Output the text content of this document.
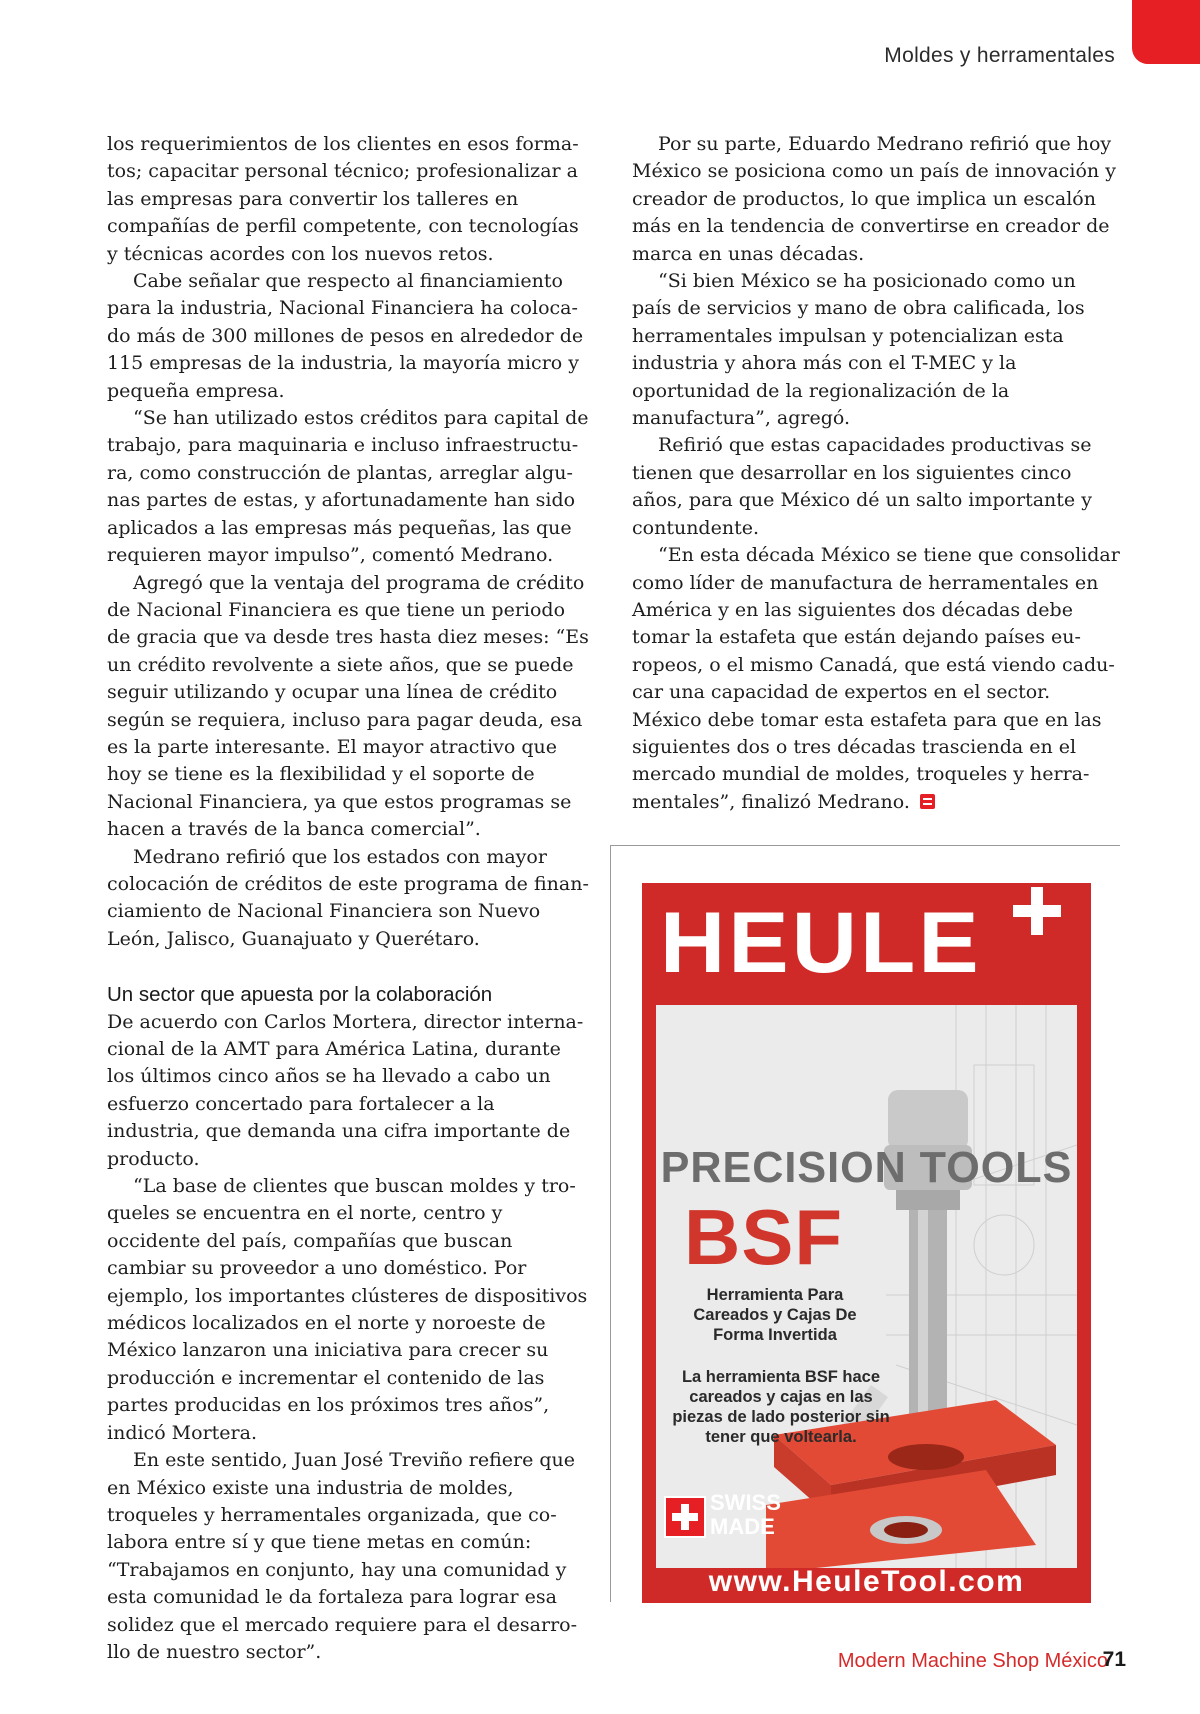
Moldes y herramentales

los requerimientos de los clientes en esos formatos; capacitar personal técnico; profesionalizar a las empresas para convertir los talleres en compañías de perfil competente, con tecnologías y técnicas acordes con los nuevos retos.

Cabe señalar que respecto al financiamiento para la industria, Nacional Financiera ha colocado más de 300 millones de pesos en alrededor de 115 empresas de la industria, la mayoría micro y pequeña empresa.

“Se han utilizado estos créditos para capital de trabajo, para maquinaria e incluso infraestructura, como construcción de plantas, arreglar algunas partes de estas, y afortunadamente han sido aplicados a las empresas más pequeñas, las que requieren mayor impulso”, comentó Medrano.

Agregó que la ventaja del programa de crédito de Nacional Financiera es que tiene un periodo de gracia que va desde tres hasta diez meses: “Es un crédito revolvente a siete años, que se puede seguir utilizando y ocupar una línea de crédito según se requiera, incluso para pagar deuda, esa es la parte interesante. El mayor atractivo que hoy se tiene es la flexibilidad y el soporte de Nacional Financiera, ya que estos programas se hacen a través de la banca comercial”.

Medrano refirió que los estados con mayor colocación de créditos de este programa de financiamiento de Nacional Financiera son Nuevo León, Jalisco, Guanajuato y Querétaro.

Un sector que apuesta por la colaboración

De acuerdo con Carlos Mortera, director internacional de la AMT para América Latina, durante los últimos cinco años se ha llevado a cabo un esfuerzo concertado para fortalecer a la industria, que demanda una cifra importante de producto.

“La base de clientes que buscan moldes y troqueles se encuentra en el norte, centro y occidente del país, compañías que buscan cambiar su proveedor a uno doméstico. Por ejemplo, los importantes clústeres de dispositivos médicos localizados en el norte y noroeste de México lanzaron una iniciativa para crecer su producción e incrementar el contenido de las partes producidas en los próximos tres años”, indicó Mortera.

En este sentido, Juan José Treviño refiere que en México existe una industria de moldes, troqueles y herramentales organizada, que colabora entre sí y que tiene metas en común: “Trabajamos en conjunto, hay una comunidad y esta comunidad le da fortaleza para lograr esa solidez que el mercado requiere para el desarrollo de nuestro sector”.

Por su parte, Eduardo Medrano refirió que hoy México se posiciona como un país de innovación y creador de productos, lo que implica un escalón más en la tendencia de convertirse en creador de marca en unas décadas.

“Si bien México se ha posicionado como un país de servicios y mano de obra calificada, los herramentales impulsan y potencializan esta industria y ahora más con el T-MEC y la oportunidad de la regionalización de la manufactura”, agregó.

Refirió que estas capacidades productivas se tienen que desarrollar en los siguientes cinco años, para que México dé un salto importante y contundente.

“En esta década México se tiene que consolidar como líder de manufactura de herramentales en América y en las siguientes dos décadas debe tomar la estafeta que están dejando países europeos, o el mismo Canadá, que está viendo caducar una capacidad de expertos en el sector. México debe tomar esta estafeta para que en las siguientes dos o tres décadas trascienda en el mercado mundial de moldes, troqueles y herramentales”, finalizó Medrano.

HEULE
PRECISION TOOLS
BSF
Herramienta Para Careados y Cajas De Forma Invertida
La herramienta BSF hace careados y cajas en las piezas de lado posterior sin tener que voltearla.
SWISS
MADE
www.HeuleTool.com
Modern Machine Shop México
71
